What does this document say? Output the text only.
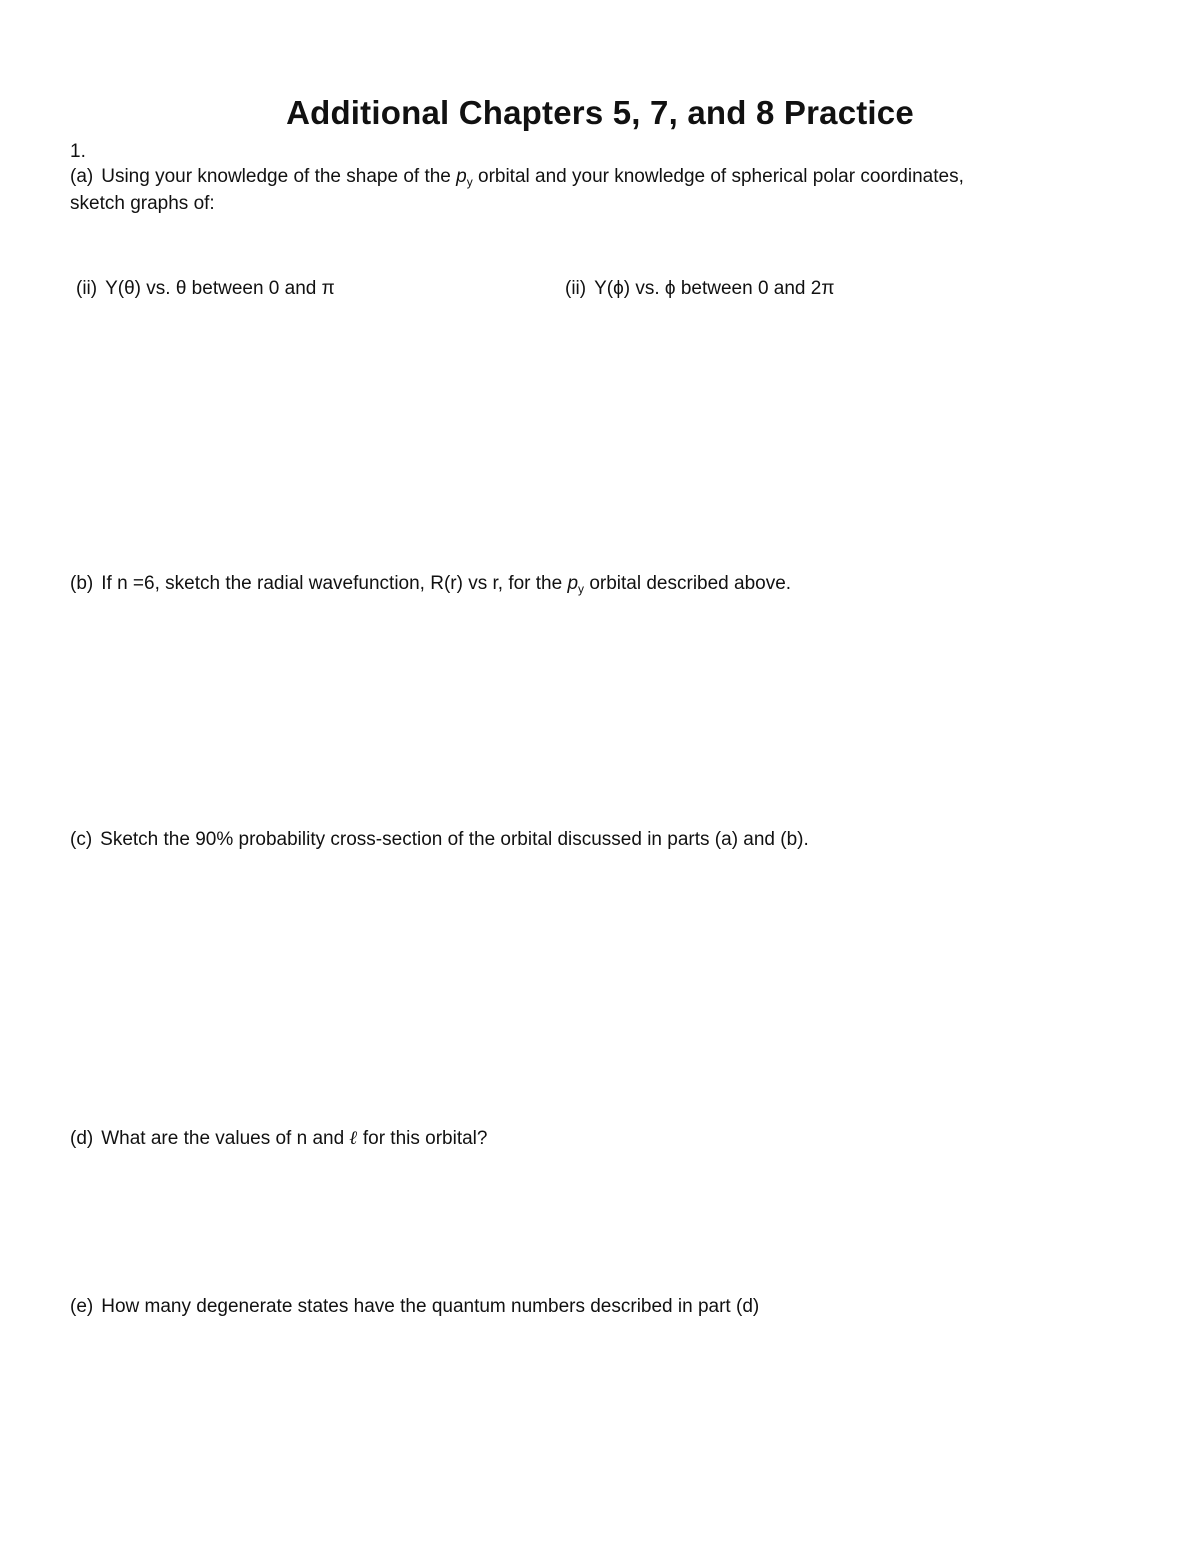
Additional Chapters 5, 7, and 8 Practice
1.
(a) Using your knowledge of the shape of the $p_y$ orbital and your knowledge of spherical polar coordinates,
sketch graphs of:
(ii) Y(θ) vs. θ between 0 and π	(ii) Y(ϕ) vs. ϕ between 0 and 2π
(b) If n =6, sketch the radial wavefunction, R(r) vs r, for the $p_y$ orbital described above.
(c) Sketch the 90% probability cross-section of the orbital discussed in parts (a) and (b).
(d) What are the values of n and ℓ for this orbital?
(e) How many degenerate states have the quantum numbers described in part (d)
